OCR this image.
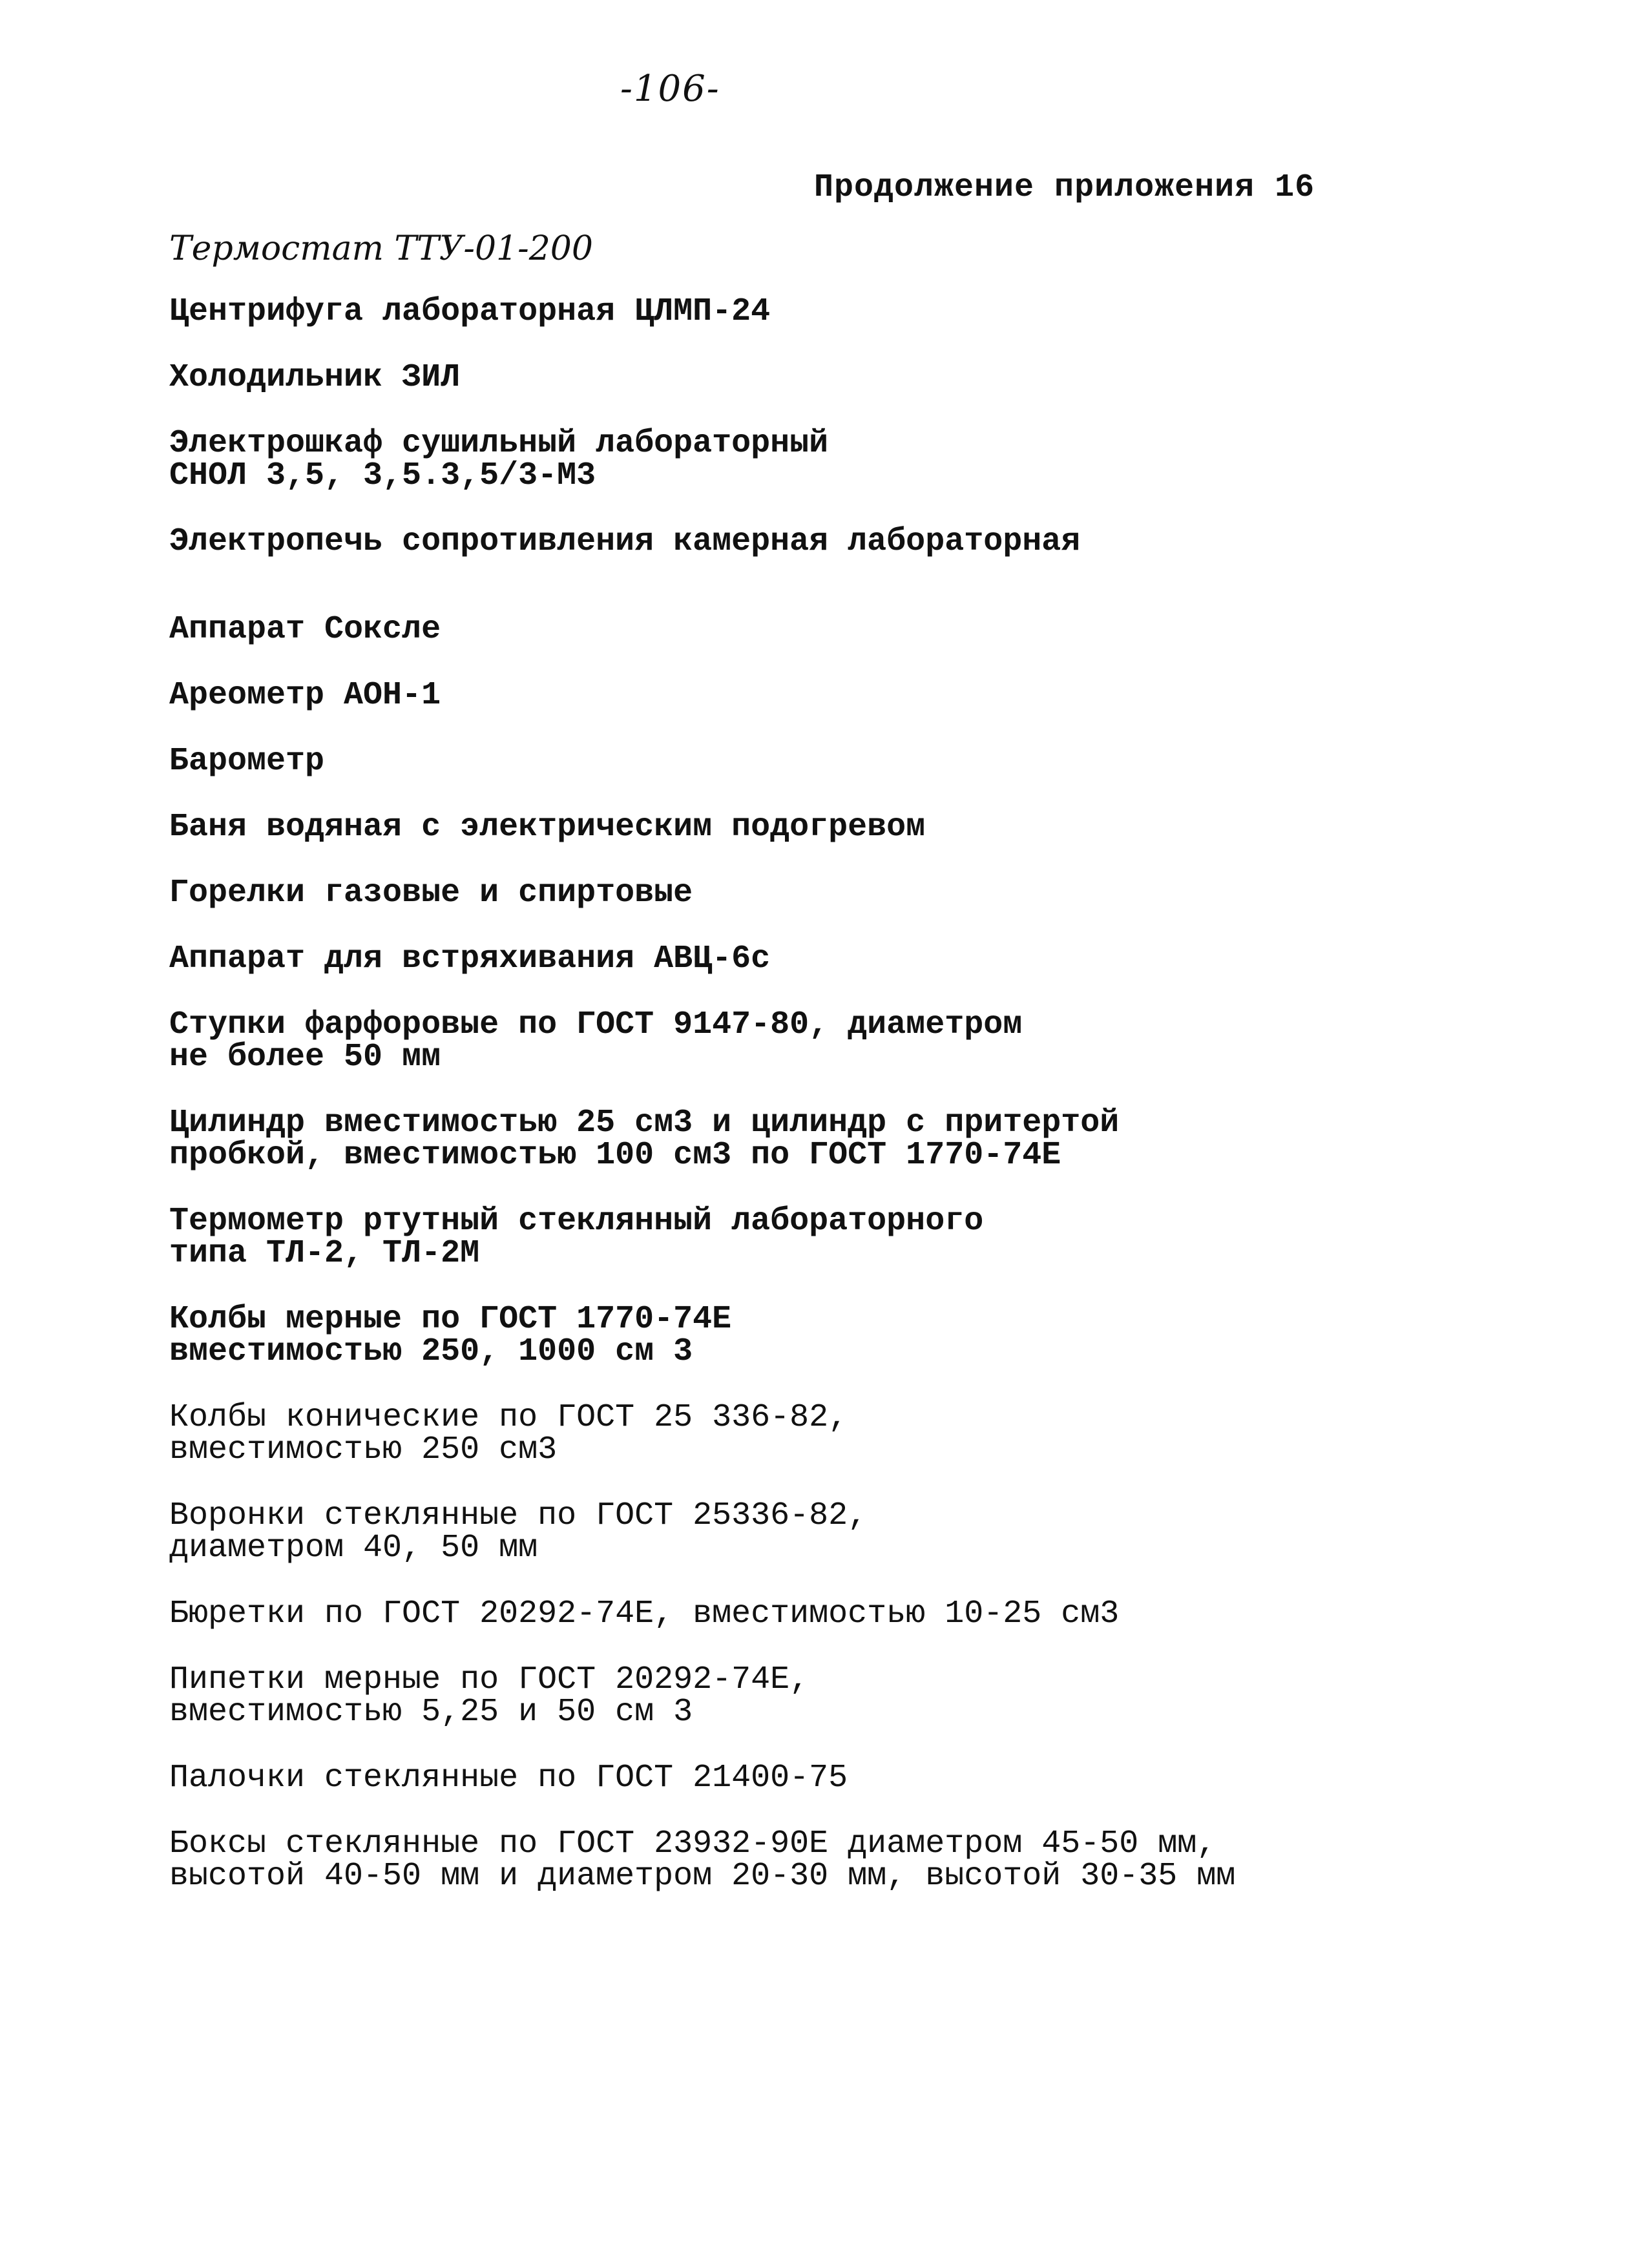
-106-
Продолжение приложения 16
Термостат ТТУ-01-200
Центрифуга лабораторная ЦЛМП-24
Холодильник ЗИЛ
Электрошкаф сушильный лабораторный
СНОЛ 3,5, 3,5.3,5/3-М3
Электропечь сопротивления камерная лабораторная
Аппарат Сокслe
Ареометр АОН-1
Барометр
Баня водяная с электрическим подогревом
Горелки газовые и спиртовые
Аппарат для встряхивания АВЦ-6с
Ступки фарфоровые по ГОСТ 9147-80, диаметром
не более 50 мм
Цилиндр вместимостью 25 см3 и цилиндр с притертой
пробкой, вместимостью 100 см3 по ГОСТ 1770-74Е
Термометр ртутный стеклянный лабораторного
типа ТЛ-2, ТЛ-2М
Колбы мерные по ГОСТ 1770-74Е
вместимостью 250, 1000 см 3
Колбы конические по ГОСТ 25 336-82,
вместимостью 250 см3
Воронки стеклянные по ГОСТ 25336-82,
диаметром 40, 50 мм
Бюретки по ГОСТ 20292-74Е, вместимостью 10-25 см3
Пипетки мерные по ГОСТ 20292-74Е,
вместимостью 5,25 и 50 см 3
Палочки стеклянные по ГОСТ 21400-75
Боксы стеклянные по ГОСТ 23932-90Е диаметром 45-50 мм,
высотой 40-50 мм и диаметром 20-30 мм, высотой 30-35 мм
